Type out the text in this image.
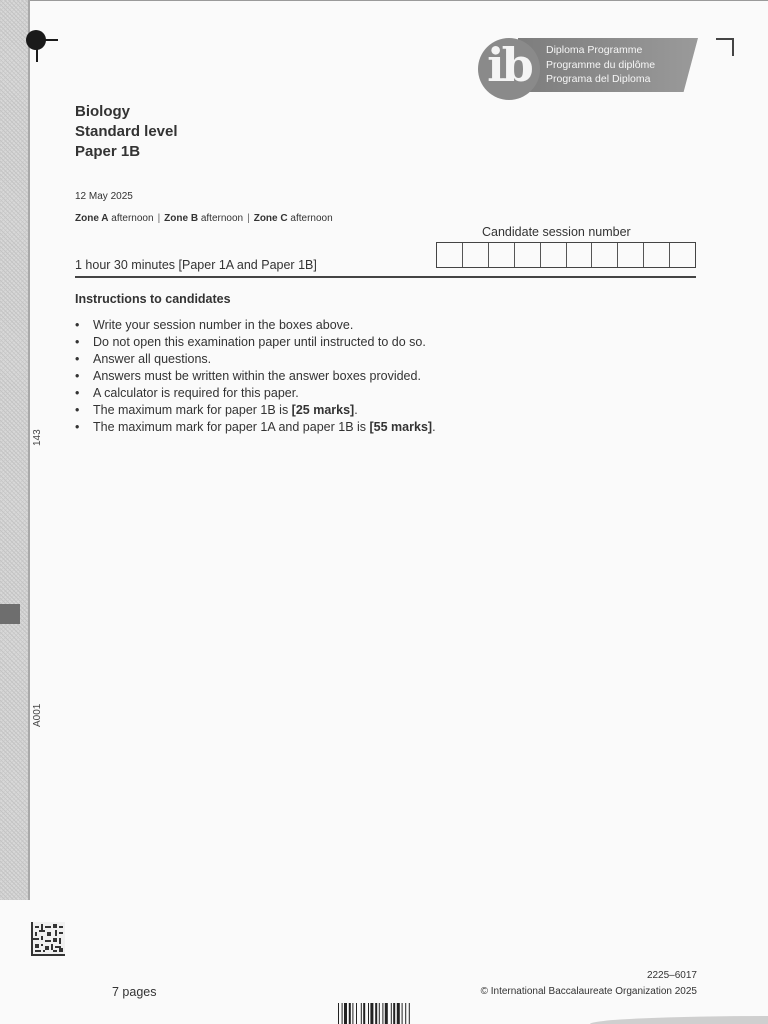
143
A001
ib	Diploma Programme
Programme du diplôme
Programa del Diploma
Biology
Standard level
Paper 1B
12 May 2025
Zone A afternoon | Zone B afternoon | Zone C afternoon
Candidate session number
1 hour 30 minutes [Paper 1A and Paper 1B]
Instructions to candidates
• Write your session number in the boxes above.
• Do not open this examination paper until instructed to do so.
• Answer all questions.
• Answers must be written within the answer boxes provided.
• A calculator is required for this paper.
• The maximum mark for paper 1B is [25 marks].
• The maximum mark for paper 1A and paper 1B is [55 marks].
7 pages
2225–6017
© International Baccalaureate Organization 2025
